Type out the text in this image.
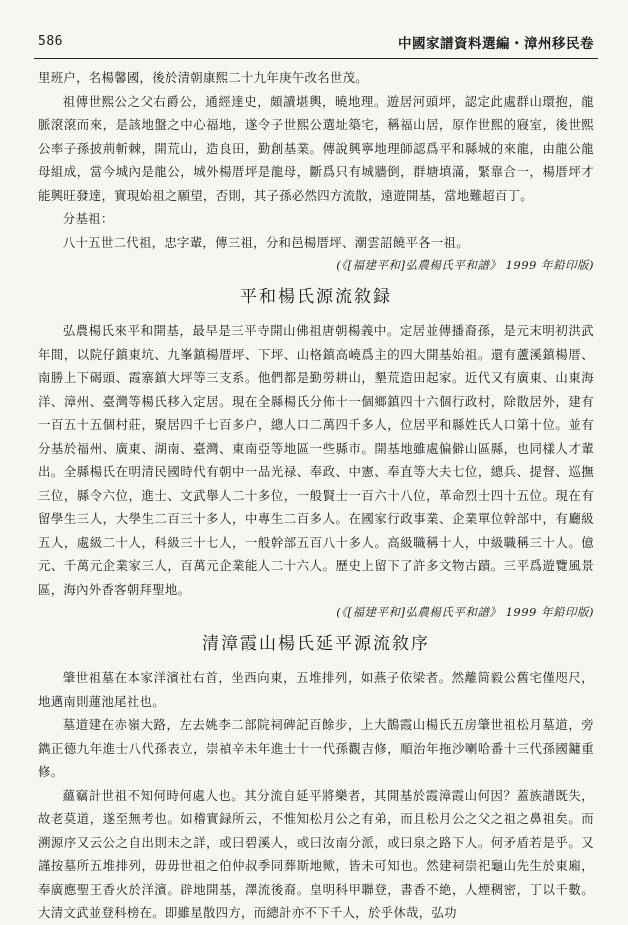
586	中國家譜資料選編・漳州移民卷

里班户，名楊馨國，後於清朝康熙二十九年庚午改名世茂。

祖傳世熙公之父右爵公，通經達史，頗讀堪輿，曉地理。遊居河頭坪，認定此處群山環抱，龍脈滾滾而來，是該地盤之中心福地，遂令子世熙公選址築宅，稱福山居，原作世熙的寢室，後世熙公率子孫披荊斬棘，開荒山，造良田，勤創基業。傳說興寧地理師認爲平和縣城的來龍，由龍公龍母組成，當今城內是龍公，城外楊厝坪是龍母，斷爲只有城牆倒，群塘填滿，緊靠合一，楊厝坪才能興旺發達，實現始祖之願望，否則，其子孫必然四方流散，遠遊開基，當地難超百丁。

分基祖：

八十五世二代祖，忠字輩，傳三祖，分和邑楊厝坪、潮雲詔饒平各一祖。

(《[福建平和]弘農楊氏平和譜》 1999 年鉛印版)

平和楊氏源流敘録

弘農楊氏來平和開基，最早是三平寺開山佛祖唐朝楊義中。定居並傳播裔孫，是元末明初洪武年間，以院仔鎮東坑、九峯鎮楊厝坪、下坪、山格鎮高嶢爲主的四大開基始祖。還有蘆溪鎮楊厝、南勝上下碣頭、霞寨鎮大坪等三支系。他們都是勤勞耕山，墾荒造田起家。近代又有廣東、山東海洋、漳州、臺灣等楊氏移入定居。現在全縣楊氏分佈十一個鄉鎮四十六個行政村，除散居外，建有一百五十五個村莊，聚居四千七百多户，總人口二萬四千多人，位居平和縣姓氏人口第十位。並有分基於福州、廣東、湖南、臺灣、東南亞等地區一些縣市。開基地雖處偏僻山區縣，也同樣人才輩出。全縣楊氏在明清民國時代有朝中一品光禄、奉政、中憲、奉直等大夫七位，總兵、提督、巡撫三位，縣令六位，進士、文武舉人二十多位，一般賢士一百六十八位，革命烈士四十五位。現在有留學生三人，大學生二百三十多人，中專生二百多人。在國家行政事業、企業單位幹部中，有廳級五人，處級二十人，科級三十七人，一般幹部五百八十多人。高級職稱十人，中級職稱三十人。億元、千萬元企業家三人，百萬元企業能人二十六人。歷史上留下了許多文物古蹟。三平爲遊覽風景區，海內外香客朝拜聖地。

(《[福建平和]弘農楊氏平和譜》 1999 年鉛印版)

清漳霞山楊氏延平源流敘序

肇世祖墓在本家洋濱社右首，坐西向東，五堆排列，如燕子依梁者。然離简毅公舊宅僅咫尺，地邁南則蓮池尾社也。

墓道建在赤嶺大路，左去姚李二部院祠碑記百餘步，上大鵲霞山楊氏五房肇世祖松月墓道，旁鐫正德九年進士八代孫表立，崇禎辛未年進士十一代孫觀吉修，順治年拖沙喇哈番十三代孫國鏞重修。

蘊竊計世祖不知何時何處人也。其分流自延平將樂者，其開基於霞漳霞山何因？蓋族譜既失，故老莫道，遂至無考也。如稽實録所云，不惟知松月公之有弟，而且松月公之父之祖之鼻祖矣。而溯源序又云公之自出則未之詳，或曰碧溪人，或曰汝南分派，或曰泉之路下人。何矛盾若是乎。又謹按墓所五堆排列，毋毋世祖之伯仲叔季同葬斯地歟，皆未可知也。然建祠崇祀龜山先生於東廂，奉廣應聖王香火於洋濱。辟地開基，澤流後裔。皇明科甲聯登，書香不絶，人煙稠密，丁以千數。大清文武並登科榜在。即雖星散四方，而總計亦不下千人，於乎休哉，弘功
